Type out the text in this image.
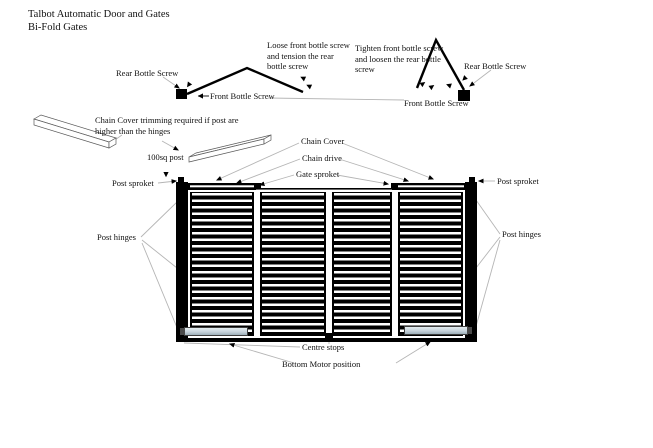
Talbot Automatic Door and Gates
Bi-Fold Gates
Loose front bottle screw and tension the rear bottle screw
Rear Bottle Screw
Front Bottle Screw
Tighten front bottle screw and loosen the rear bottle screw	Rear Bottle Screw
Front Bottle Screw
Chain Cover trimming required if post are higher than the hinges
100sq post
Chain Cover
Chain drive
Gate sproket
Post sproket	Post sproket
Post hinges	Post hinges
Centre stops
Bottom Motor position
